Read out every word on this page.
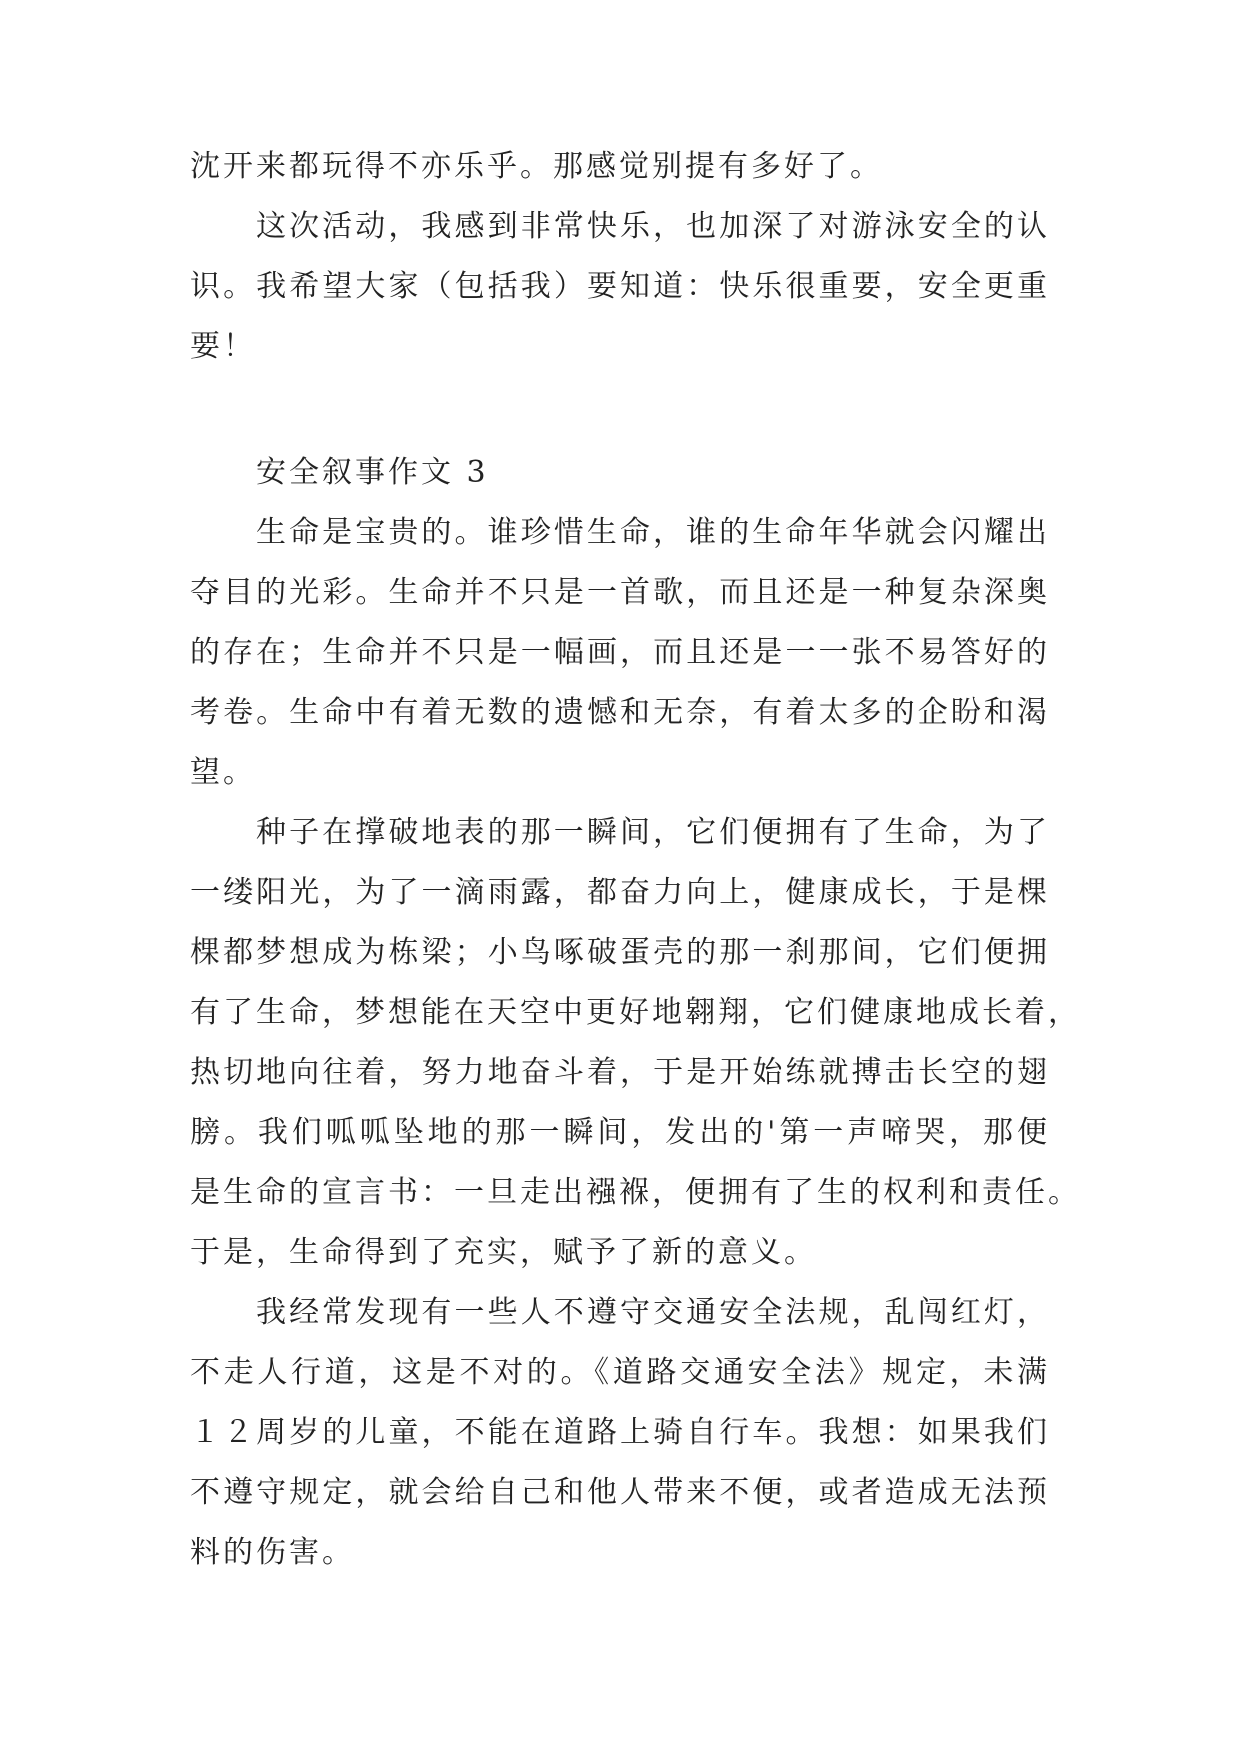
沈开来都玩得不亦乐乎。那感觉别提有多好了。
这次活动，我感到非常快乐，也加深了对游泳安全的认
识。我希望大家（包括我）要知道：快乐很重要，安全更重
要！
安全叙事作文 3
生命是宝贵的。谁珍惜生命，谁的生命年华就会闪耀出
夺目的光彩。生命并不只是一首歌，而且还是一种复杂深奥
的存在；生命并不只是一幅画，而且还是一一张不易答好的
考卷。生命中有着无数的遗憾和无奈，有着太多的企盼和渴
望。
种子在撑破地表的那一瞬间，它们便拥有了生命，为了
一缕阳光，为了一滴雨露，都奋力向上，健康成长，于是棵
棵都梦想成为栋梁；小鸟啄破蛋壳的那一刹那间，它们便拥
有了生命，梦想能在天空中更好地翱翔，它们健康地成长着，
热切地向往着，努力地奋斗着，于是开始练就搏击长空的翅
膀。我们呱呱坠地的那一瞬间，发出的'第一声啼哭，那便
是生命的宣言书：一旦走出襁褓，便拥有了生的权利和责任。
于是，生命得到了充实，赋予了新的意义。
我经常发现有一些人不遵守交通安全法规，乱闯红灯，
不走人行道，这是不对的。《道路交通安全法》规定，未满
１２周岁的儿童，不能在道路上骑自行车。我想：如果我们
不遵守规定，就会给自己和他人带来不便，或者造成无法预
料的伤害。
